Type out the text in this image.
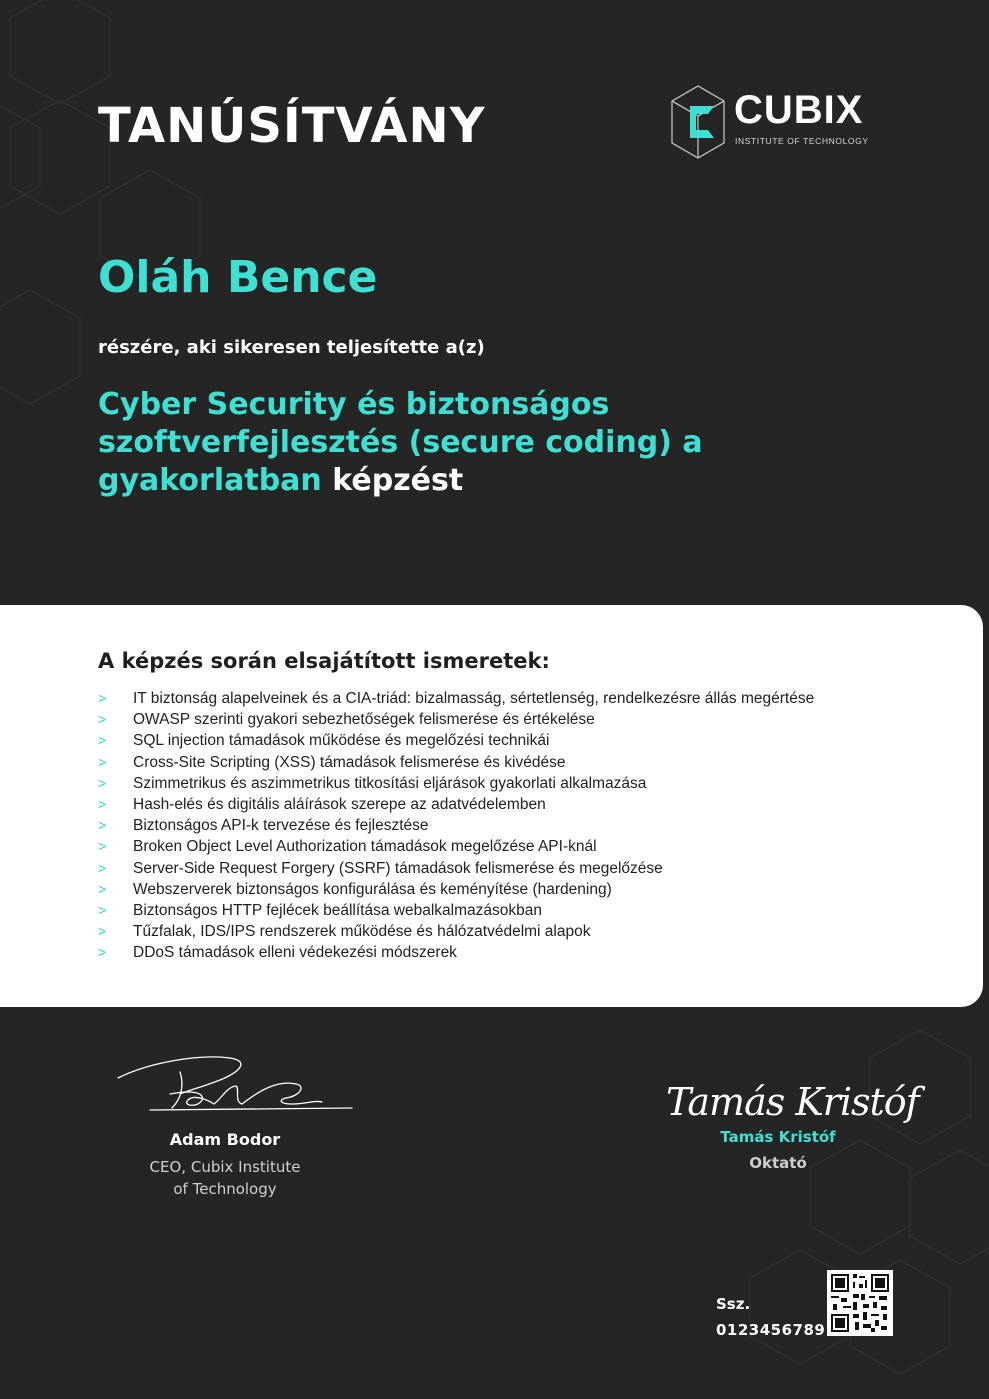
TANÚSÍTVÁNY	CUBIX
INSTITUTE OF TECHNOLOGY
Oláh Bence
részére, aki sikeresen teljesítette a(z)
Cyber Security és biztonságos szoftverfejlesztés (secure coding) a gyakorlatban képzést
A képzés során elsajátított ismeretek:
> IT biztonság alapelveinek és a CIA-triád: bizalmasság, sértetlenség, rendelkezésre állás megértése
> OWASP szerinti gyakori sebezhetőségek felismerése és értékelése
> SQL injection támadások működése és megelőzési technikái
> Cross-Site Scripting (XSS) támadások felismerése és kivédése
> Szimmetrikus és aszimmetrikus titkosítási eljárások gyakorlati alkalmazása
> Hash-elés és digitális aláírások szerepe az adatvédelemben
> Biztonságos API-k tervezése és fejlesztése
> Broken Object Level Authorization támadások megelőzése API-knál
> Server-Side Request Forgery (SSRF) támadások felismerése és megelőzése
> Webszerverek biztonságos konfigurálása és keményítése (hardening)
> Biztonságos HTTP fejlécek beállítása webalkalmazásokban
> Tűzfalak, IDS/IPS rendszerek működése és hálózatvédelmi alapok
> DDoS támadások elleni védekezési módszerek
Adam Bodor
CEO, Cubix Institute
of Technology
Tamás Kristóf
Tamás Kristóf
Oktató
Ssz.
0123456789
